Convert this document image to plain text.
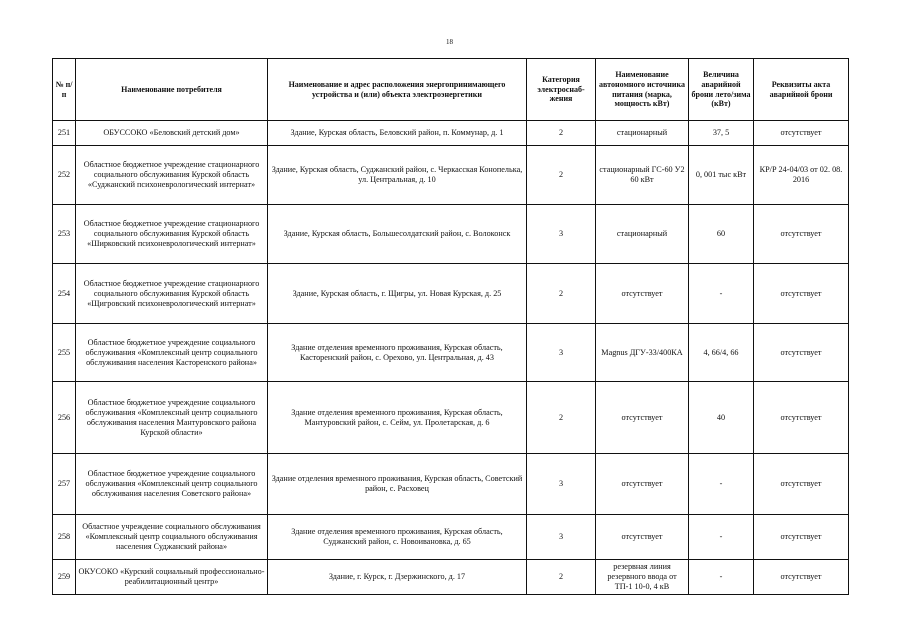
18
№ п/п	Наименование потребителя	Наименование и адрес расположения энергопринимающего устройства и (или) объекта электроэнергетики	Категория электроснаб-жения	Наименование автономного источника питания (марка, мощность кВт)	Величина аварийной брони лето/зима (кВт)	Реквизиты акта аварийной брони
251	ОБУССОКО «Беловский детский дом»	Здание, Курская область, Беловский район, п. Коммунар, д. 1	2	стационарный	37, 5	отсутствует
252	Областное бюджетное учреждение стационарного социального обслуживания Курской область «Суджанский психоневрологический интернат»	Здание, Курская область, Суджанский район, с. Черкасская Конопелька, ул. Центральная, д. 10	2	стационарный ГС-60 У2 60 кВт	0, 001 тыс кВт	КР/Р 24-04/03 от 02. 08. 2016
253	Областное бюджетное учреждение стационарного социального обслуживания Курской область «Ширковский психоневрологический интернат»	Здание, Курская область, Большесолдатский район, с. Волоконск	3	стационарный	60	отсутствует
254	Областное бюджетное учреждение стационарного социального обслуживания Курской область «Щигровский психоневрологический интернат»	Здание, Курская область, г. Щигры, ул. Новая Курская, д. 25	2	отсутствует	-	отсутствует
255	Областное бюджетное учреждение социального обслуживания «Комплексный центр социального обслуживания населения Касторенского района»	Здание отделения временного проживания, Курская область, Касторенский район, с. Орехово, ул. Центральная, д. 43	3	Magnus ДГУ-33/400КА	4, 66/4, 66	отсутствует
256	Областное бюджетное учреждение социального обслуживания «Комплексный центр социального обслуживания населения Мантуровского района Курской области»	Здание отделения временного проживания, Курская область, Мантуровский район, с. Сейм, ул. Пролетарская, д. 6	2	отсутствует	40	отсутствует
257	Областное бюджетное учреждение социального обслуживания «Комплексный центр социального обслуживания населения Советского района»	Здание отделения временного проживания, Курская область, Советский район, с. Расховец	3	отсутствует	-	отсутствует
258	Областное учреждение социального обслуживания «Комплексный центр социального обслуживания населения Суджанский района»	Здание отделения временного проживания, Курская область, Суджанский район, с. Новоивановка, д. 65	3	отсутствует	-	отсутствует
259	ОКУСОКО «Курский социальный профессионально-реабилитационный центр»	Здание, г. Курск, г. Дзержинского, д. 17	2	резервная линия резервного ввода от ТП-1 10-0, 4 кВ	-	отсутствует
